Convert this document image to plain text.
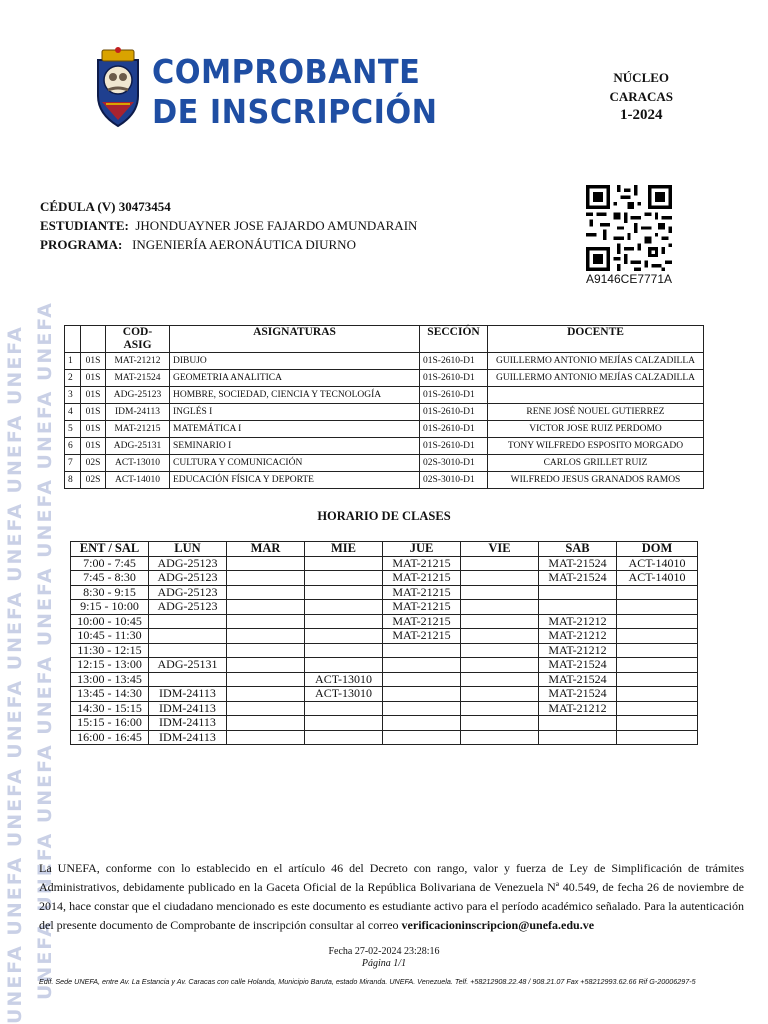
UNEFA UNEFA UNEFA UNEFA UNEFA UNEFA UNEFA UNEFA UNEFA UNEFA UNEFA UNEFA UNEFA UNEFA UNEFA UNEFA
COMPROBANTE
DE INSCRIPCIÓN
NÚCLEO
CARACAS
1-2024
CÉDULA (V) 30473454
ESTUDIANTE: JHONDUAYNER JOSE FAJARDO AMUNDARAIN
PROGRAMA: INGENIERÍA AERONÁUTICA DIURNO
A9146CE7771A
		COD-ASIG	ASIGNATURAS	SECCIÓN	DOCENTE
1	01S	MAT-21212	DIBUJO	01S-2610-D1	GUILLERMO ANTONIO MEJÍAS CALZADILLA
2	01S	MAT-21524	GEOMETRIA ANALITICA	01S-2610-D1	GUILLERMO ANTONIO MEJÍAS CALZADILLA
3	01S	ADG-25123	HOMBRE, SOCIEDAD, CIENCIA Y TECNOLOGÍA	01S-2610-D1	
4	01S	IDM-24113	INGLÉS I	01S-2610-D1	RENE JOSÉ NOUEL GUTIERREZ
5	01S	MAT-21215	MATEMÁTICA I	01S-2610-D1	VICTOR JOSE RUIZ PERDOMO
6	01S	ADG-25131	SEMINARIO I	01S-2610-D1	TONY WILFREDO ESPOSITO MORGADO
7	02S	ACT-13010	CULTURA Y COMUNICACIÓN	02S-3010-D1	CARLOS GRILLET RUIZ
8	02S	ACT-14010	EDUCACIÓN FÍSICA Y DEPORTE	02S-3010-D1	WILFREDO JESUS GRANADOS RAMOS
HORARIO DE CLASES
ENT / SAL	LUN	MAR	MIE	JUE	VIE	SAB	DOM
7:00 - 7:45	ADG-25123			MAT-21215		MAT-21524	ACT-14010
7:45 - 8:30	ADG-25123			MAT-21215		MAT-21524	ACT-14010
8:30 - 9:15	ADG-25123			MAT-21215			
9:15 - 10:00	ADG-25123			MAT-21215			
10:00 - 10:45				MAT-21215		MAT-21212	
10:45 - 11:30				MAT-21215		MAT-21212	
11:30 - 12:15						MAT-21212	
12:15 - 13:00	ADG-25131					MAT-21524	
13:00 - 13:45			ACT-13010			MAT-21524	
13:45 - 14:30	IDM-24113		ACT-13010			MAT-21524	
14:30 - 15:15	IDM-24113					MAT-21212	
15:15 - 16:00	IDM-24113						
16:00 - 16:45	IDM-24113						
La UNEFA, conforme con lo establecido en el artículo 46 del Decreto con rango, valor y fuerza de Ley de Simplificación de trámites Administrativos, debidamente publicado en la Gaceta Oficial de la República Bolivariana de Venezuela Nª 40.549, de fecha 26 de noviembre de 2014, hace constar que el ciudadano mencionado es este documento es estudiante activo para el período académico señalado. Para la autenticación del presente documento de Comprobante de inscripción consultar al correo verificacioninscripcion@unefa.edu.ve
Fecha 27-02-2024 23:28:16
Página 1/1
Edif. Sede UNEFA, entre Av. La Estancia y Av. Caracas con calle Holanda, Municipio Baruta, estado Miranda. UNEFA. Venezuela. Telf. +58212908.22.48 / 908.21.07 Fax +58212993.62.66 Rif G-20006297-5
